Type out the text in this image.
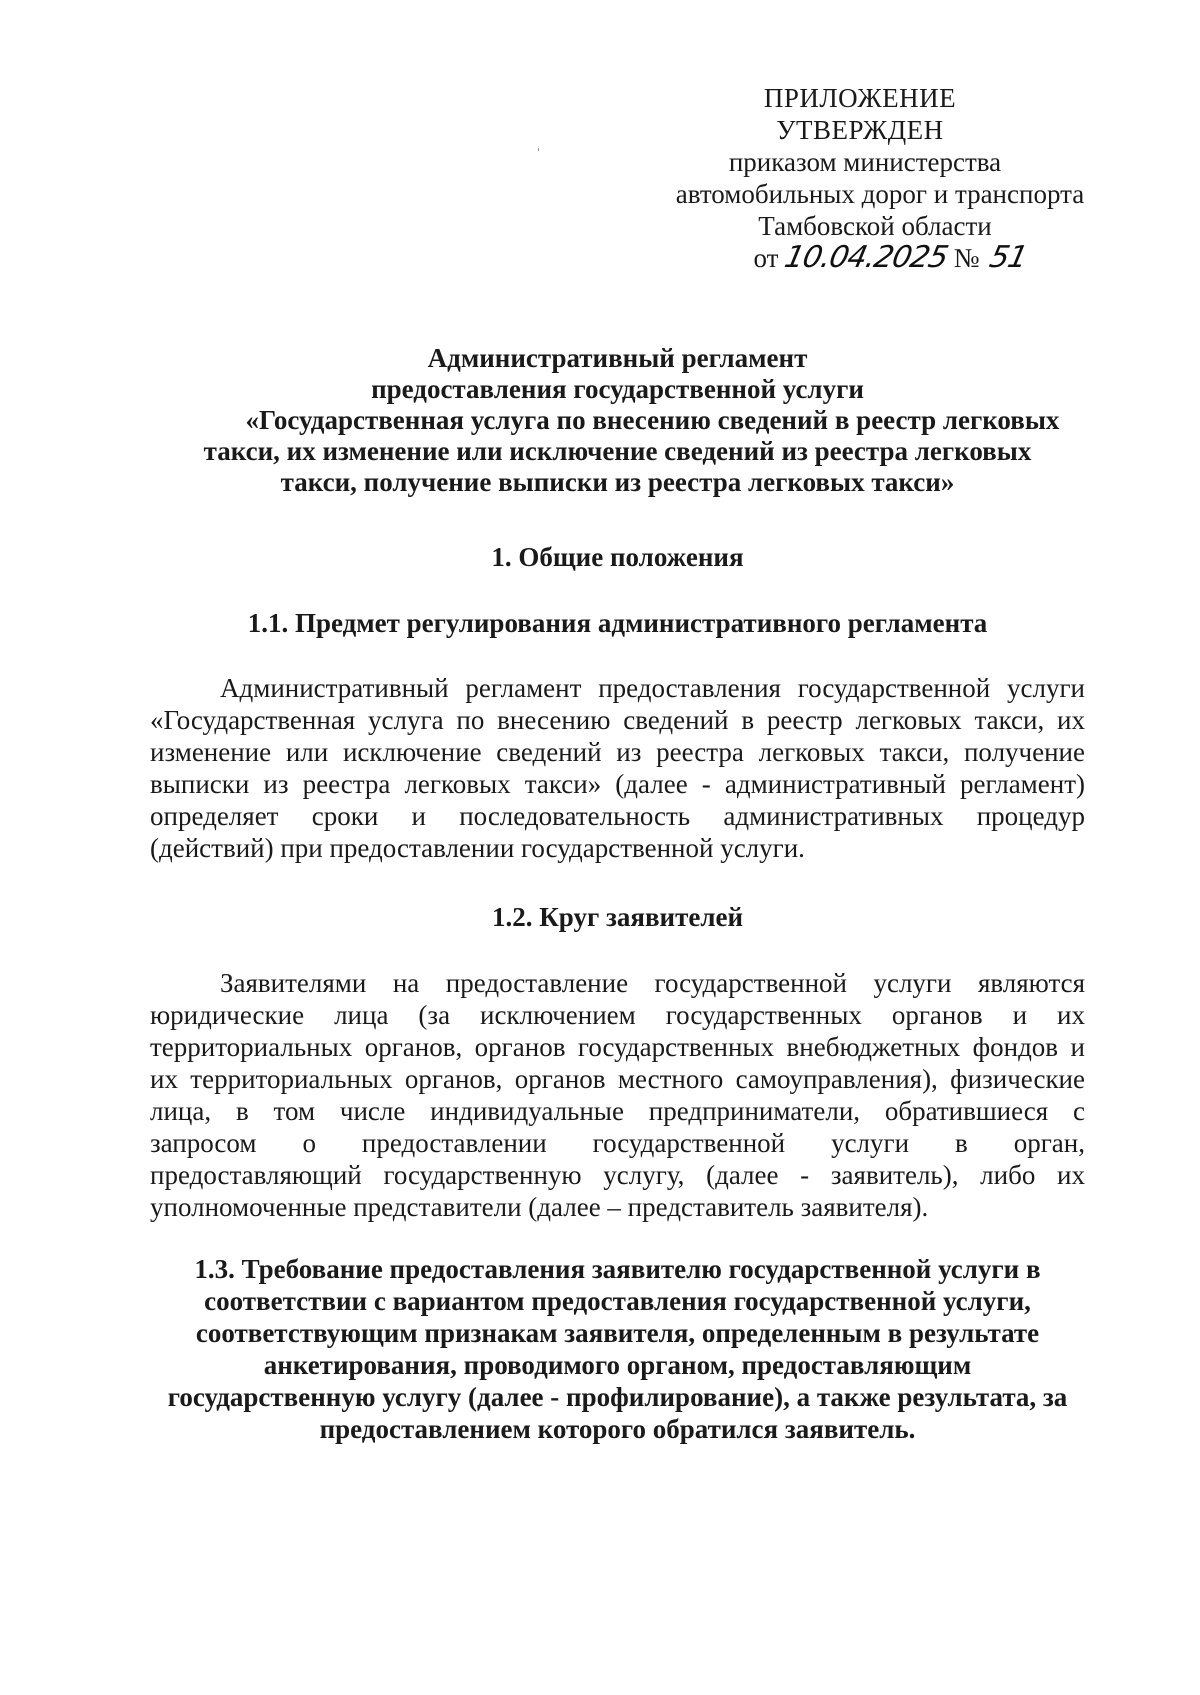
ПРИЛОЖЕНИЕ
УТВЕРЖДЕН
приказом министерства
автомобильных дорог и транспорта
Тамбовской области
от 10.04.2025 № 51
Административный регламент
предоставления государственной услуги
«Государственная услуга по внесению сведений в реестр легковых
такси, их изменение или исключение сведений из реестра легковых
такси, получение выписки из реестра легковых такси»
1. Общие положения
1.1. Предмет регулирования административного регламента
Административный регламент предоставления государственной услуги
«Государственная услуга по внесению сведений в реестр легковых такси, их
изменение или исключение сведений из реестра легковых такси, получение
выписки из реестра легковых такси» (далее - административный регламент)
определяет сроки и последовательность административных процедур
(действий) при предоставлении государственной услуги.
1.2. Круг заявителей
Заявителями на предоставление государственной услуги являются
юридические лица (за исключением государственных органов и их
территориальных органов, органов государственных внебюджетных фондов и
их территориальных органов, органов местного самоуправления), физические
лица, в том числе индивидуальные предприниматели, обратившиеся с
запросом о предоставлении государственной услуги в орган,
предоставляющий государственную услугу, (далее - заявитель), либо их
уполномоченные представители (далее – представитель заявителя).
1.3. Требование предоставления заявителю государственной услуги в
соответствии с вариантом предоставления государственной услуги,
соответствующим признакам заявителя, определенным в результате
анкетирования, проводимого органом, предоставляющим
государственную услугу (далее - профилирование), а также результата, за
предоставлением которого обратился заявитель.
